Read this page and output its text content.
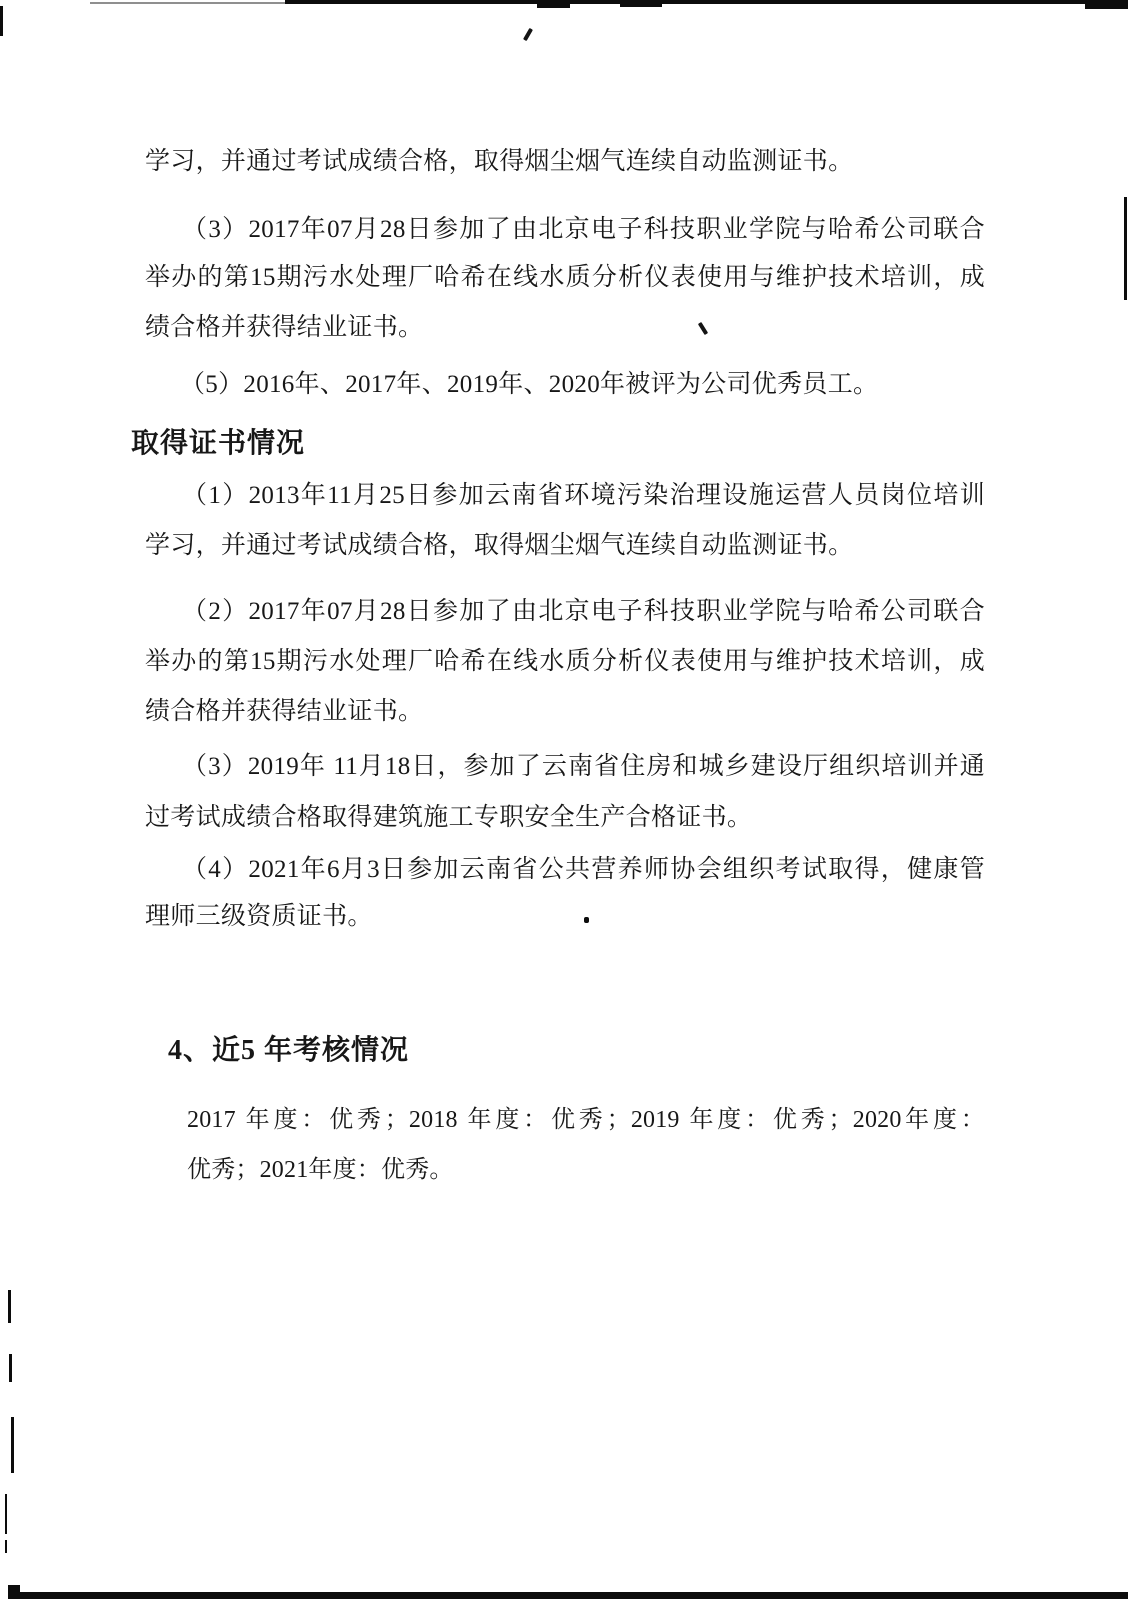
学习，并通过考试成绩合格，取得烟尘烟气连续自动监测证书。
（3）2017年07月28日参加了由北京电子科技职业学院与哈希公司联合
举办的第15期污水处理厂哈希在线水质分析仪表使用与维护技术培训，成
绩合格并获得结业证书。
（5）2016年、2017年、2019年、2020年被评为公司优秀员工。
取得证书情况
（1）2013年11月25日参加云南省环境污染治理设施运营人员岗位培训
学习，并通过考试成绩合格，取得烟尘烟气连续自动监测证书。
（2）2017年07月28日参加了由北京电子科技职业学院与哈希公司联合
举办的第15期污水处理厂哈希在线水质分析仪表使用与维护技术培训，成
绩合格并获得结业证书。
（3）2019年 11月18日，参加了云南省住房和城乡建设厅组织培训并通
过考试成绩合格取得建筑施工专职安全生产合格证书。
（4）2021年6月3日参加云南省公共营养师协会组织考试取得，健康管
理师三级资质证书。
4、近5 年考核情况
2017 年度：优秀；2018 年度：优秀；2019 年度：优秀；2020年度：
优秀；2021年度：优秀。
